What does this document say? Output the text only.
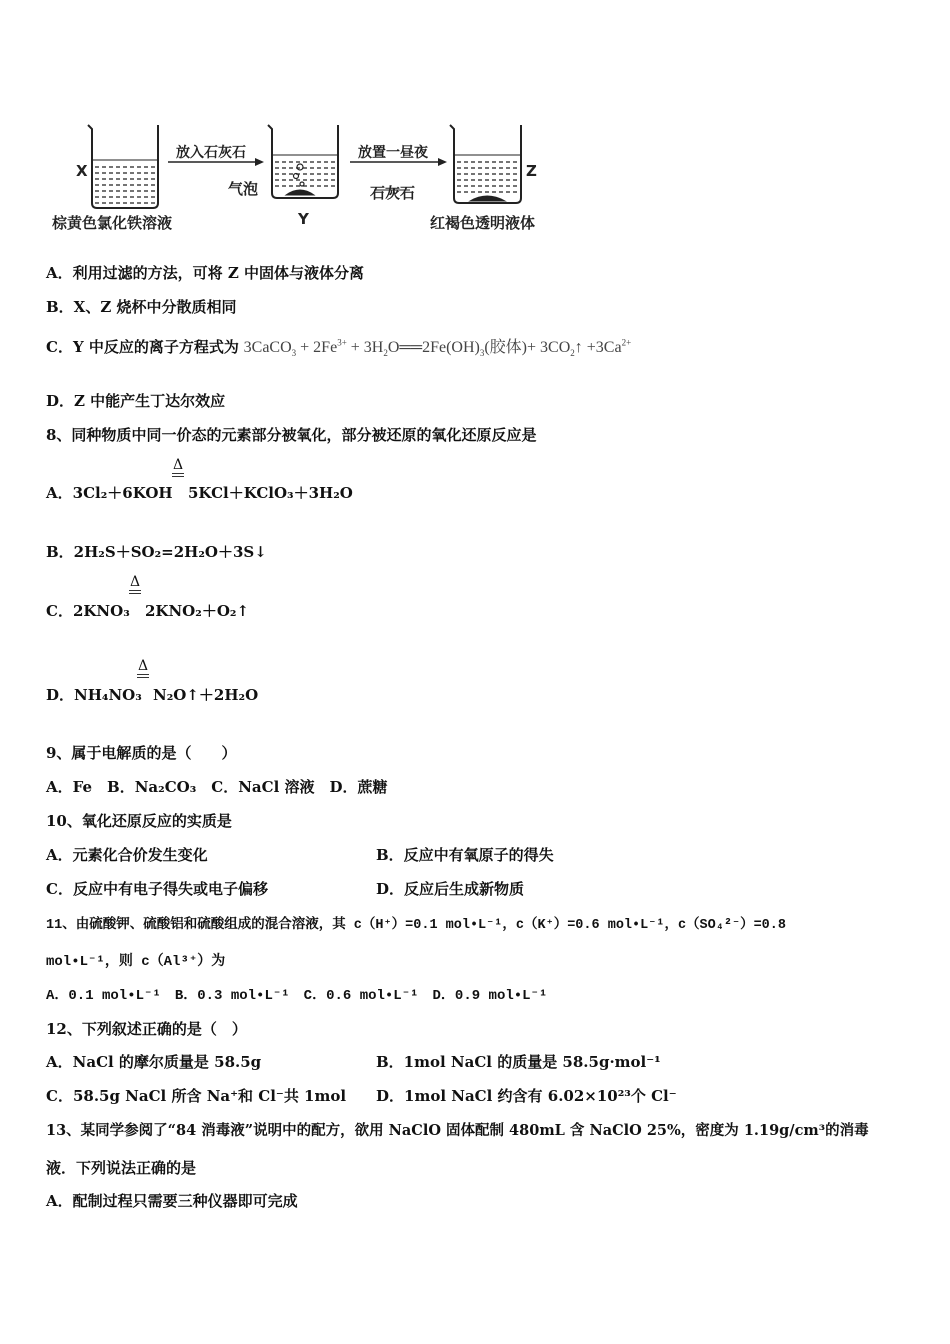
X
Y
Z
放入石灰石	放置一昼夜
气泡	石灰石
棕黄色氯化铁溶液	红褐色透明液体
A．利用过滤的方法，可将 Z 中固体与液体分离
B．X、Z 烧杯中分散质相同
C．Y 中反应的离子方程式为 3CaCO$_3$ + $2Fe^{3+}$ + $3H_2O══2Fe(OH)_3$(胶体)+ $3CO_2↑ +3Ca^{2+}$
D．Z 中能产生丁达尔效应
8、同种物质中同一价态的元素部分被氧化，部分被还原的氧化还原反应是
A．3Cl₂＋6KOH
Δ
5KCl＋KClO₃＋3H₂O
B．2H₂S＋SO₂=2H₂O＋3S↓
C．2KNO₃
Δ
2KNO₂＋O₂↑
D．NH₄NO₃
Δ
N₂O↑＋2H₂O
9、属于电解质的是（　　）
A．Fe　B．Na₂CO₃　C．NaCl 溶液　D．蔗糖
10、氧化还原反应的实质是
A．元素化合价发生变化	B．反应中有氧原子的得失
C．反应中有电子得失或电子偏移	D．反应后生成新物质
11、由硫酸钾、硫酸铝和硫酸组成的混合溶液，其 c（H⁺）=0.1 mol•L⁻¹，c（K⁺）=0.6 mol•L⁻¹，c（SO₄²⁻）=0.8
mol•L⁻¹，则 c（Al³⁺）为
A．0.1 mol•L⁻¹　B．0.3 mol•L⁻¹　C．0.6 mol•L⁻¹　D．0.9 mol•L⁻¹
12、下列叙述正确的是（　）
A．NaCl 的摩尔质量是 58.5g	B．1mol NaCl 的质量是 58.5g·mol⁻¹
C．58.5g NaCl 所含 Na⁺和 Cl⁻共 1mol D．1mol NaCl 约含有 6.02×10²³个 Cl⁻
13、某同学参阅了“84 消毒液”说明中的配方，欲用 NaClO 固体配制 480mL 含 NaClO 25%，密度为 1.19g/cm³的消毒
液．下列说法正确的是
A．配制过程只需要三种仪器即可完成
